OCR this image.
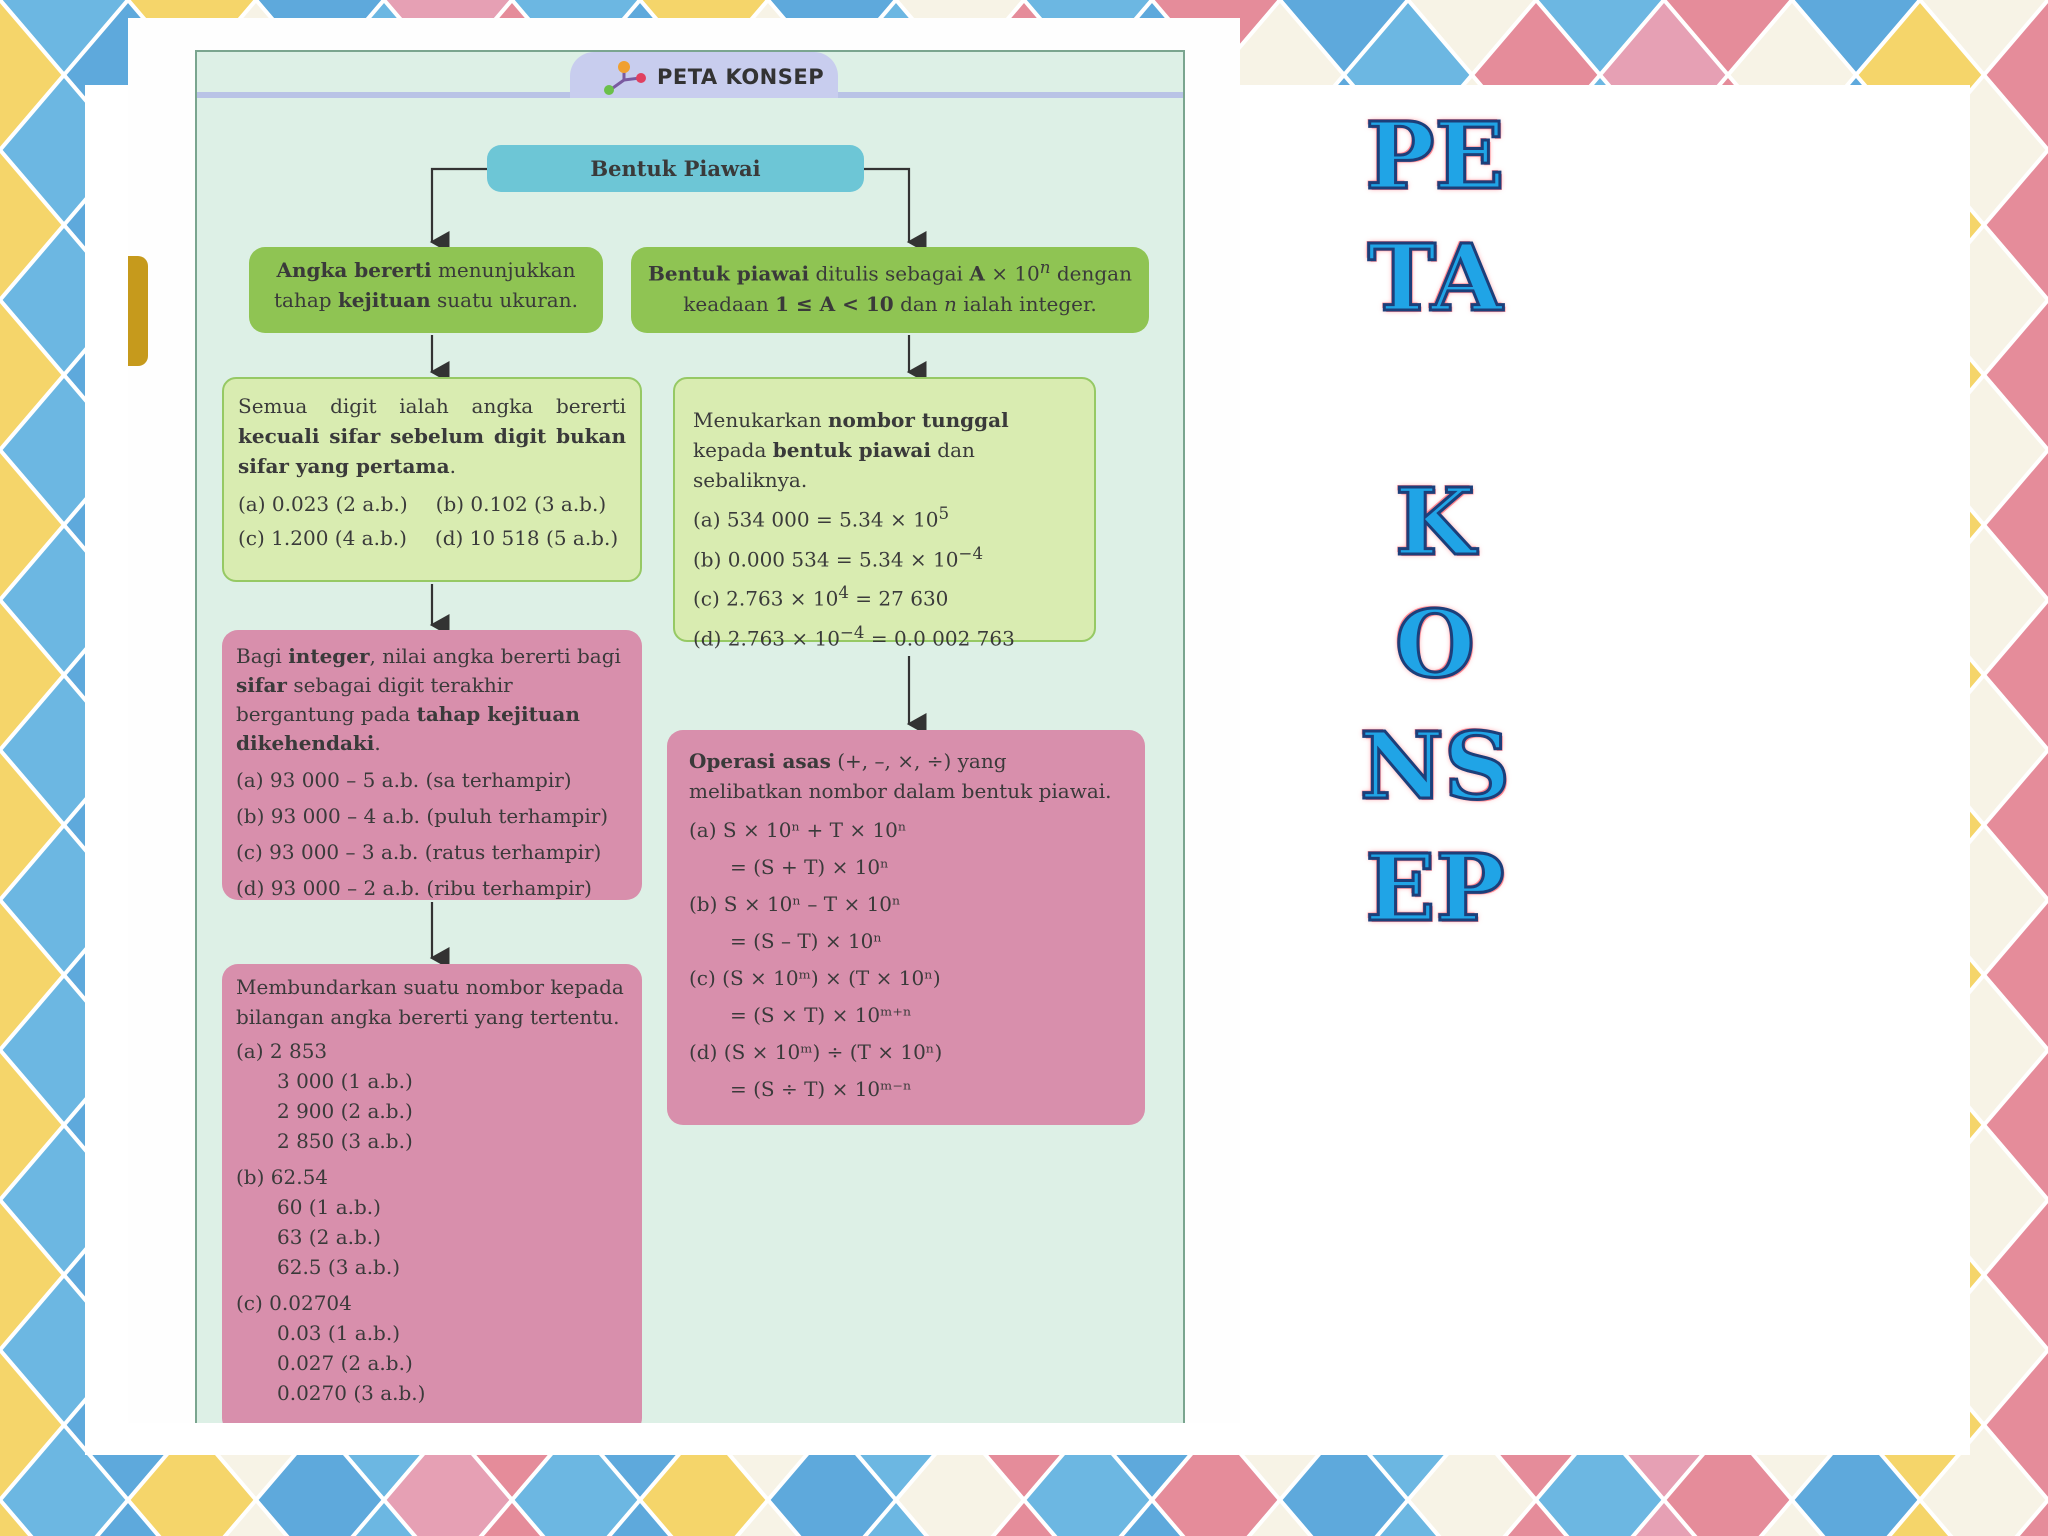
PETA KONSEP
Bentuk Piawai
Angka bererti menunjukkan
tahap kejituan suatu ukuran.
Bentuk piawai ditulis sebagai $A \times 10^n$ dengan
keadaan 1 ≤ A < 10 dan n ialah integer.

Semua digit ialah angka bererti kecuali sifar sebelum digit bukan sifar yang pertama.

(a) 0.023 (2 a.b.) (b) 0.102 (3 a.b.)
(c) 1.200 (4 a.b.) (d) 10 518 (5 a.b.)

Bagi integer, nilai angka bererti bagi sifar sebagai digit terakhir bergantung pada tahap kejituan dikehendaki.

(a) 93 000 – 5 a.b. (sa terhampir)
(b) 93 000 – 4 a.b. (puluh terhampir)
(c) 93 000 – 3 a.b. (ratus terhampir)
(d) 93 000 – 2 a.b. (ribu terhampir)

Membundarkan suatu nombor kepada bilangan angka bererti yang tertentu.

(a) 2 853
3 000 (1 a.b.)
2 900 (2 a.b.)
2 850 (3 a.b.)
(b) 62.54
60 (1 a.b.)
63 (2 a.b.)
62.5 (3 a.b.)
(c) 0.02704
0.03 (1 a.b.)
0.027 (2 a.b.)
0.0270 (3 a.b.)

Menukarkan nombor tunggal kepada bentuk piawai dan sebaliknya.

(a) 534 $000 = 5.34 \times 10^5$
(b) 0.000 $534 = 5.34 \times 10^{-4}$
(c) $2.763 \times 10^4 = 27$ 630
(d) $2.763 \times 10^{-4} = 0.0$ 002 763

Operasi asas (+, –, ×, ÷) yang melibatkan nombor dalam bentuk piawai.

(a) S × 10ⁿ + T × 10ⁿ
= (S + T) × 10ⁿ
(b) S × 10ⁿ – T × 10ⁿ
= (S – T) × 10ⁿ
(c) (S × 10ᵐ) × (T × 10ⁿ)
= (S × T) × 10ᵐ⁺ⁿ
(d) (S × 10ᵐ) ÷ (T × 10ⁿ)
= (S ÷ T) × 10ᵐ⁻ⁿ
PE
TA
K
O
NS
EP
